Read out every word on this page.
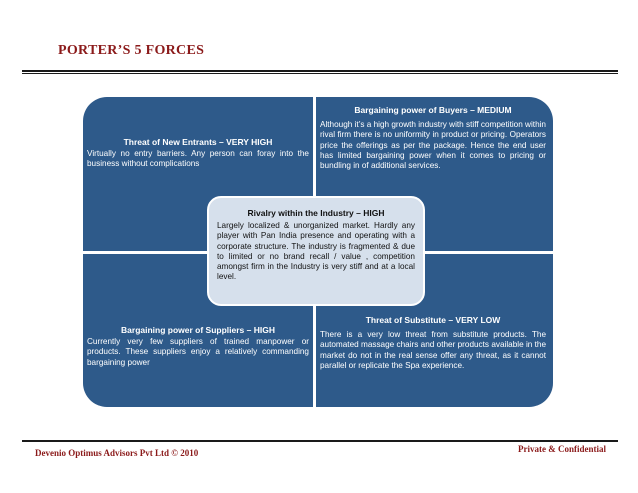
PORTER’S 5 FORCES
Threat of New Entrants – VERY HIGH
Virtually no entry barriers. Any person can foray into the business without complications
Bargaining power of Buyers – MEDIUM
Although it’s a high growth industry with stiff competition within rival firm there is no uniformity in product or pricing. Operators price the offerings as per the package. Hence the end user has limited bargaining power when it comes to pricing or bundling in of additional services.
Bargaining power of Suppliers – HIGH
Currently very few suppliers of trained manpower or products. These suppliers enjoy a relatively commanding bargaining power
Threat of Substitute – VERY LOW
There is a very low threat from substitute products. The automated massage chairs and other products available in the market do not in the real sense offer any threat, as it cannot parallel or replicate the Spa experience.
Rivalry within the Industry – HIGH
Largely localized & unorganized market. Hardly any player with Pan India presence and operating with a corporate structure. The industry is fragmented & due to limited or no brand recall / value , competition amongst firm in the Industry is very stiff and at a local level.
Devenio Optimus Advisors Pvt Ltd © 2010	Private & Confidential
